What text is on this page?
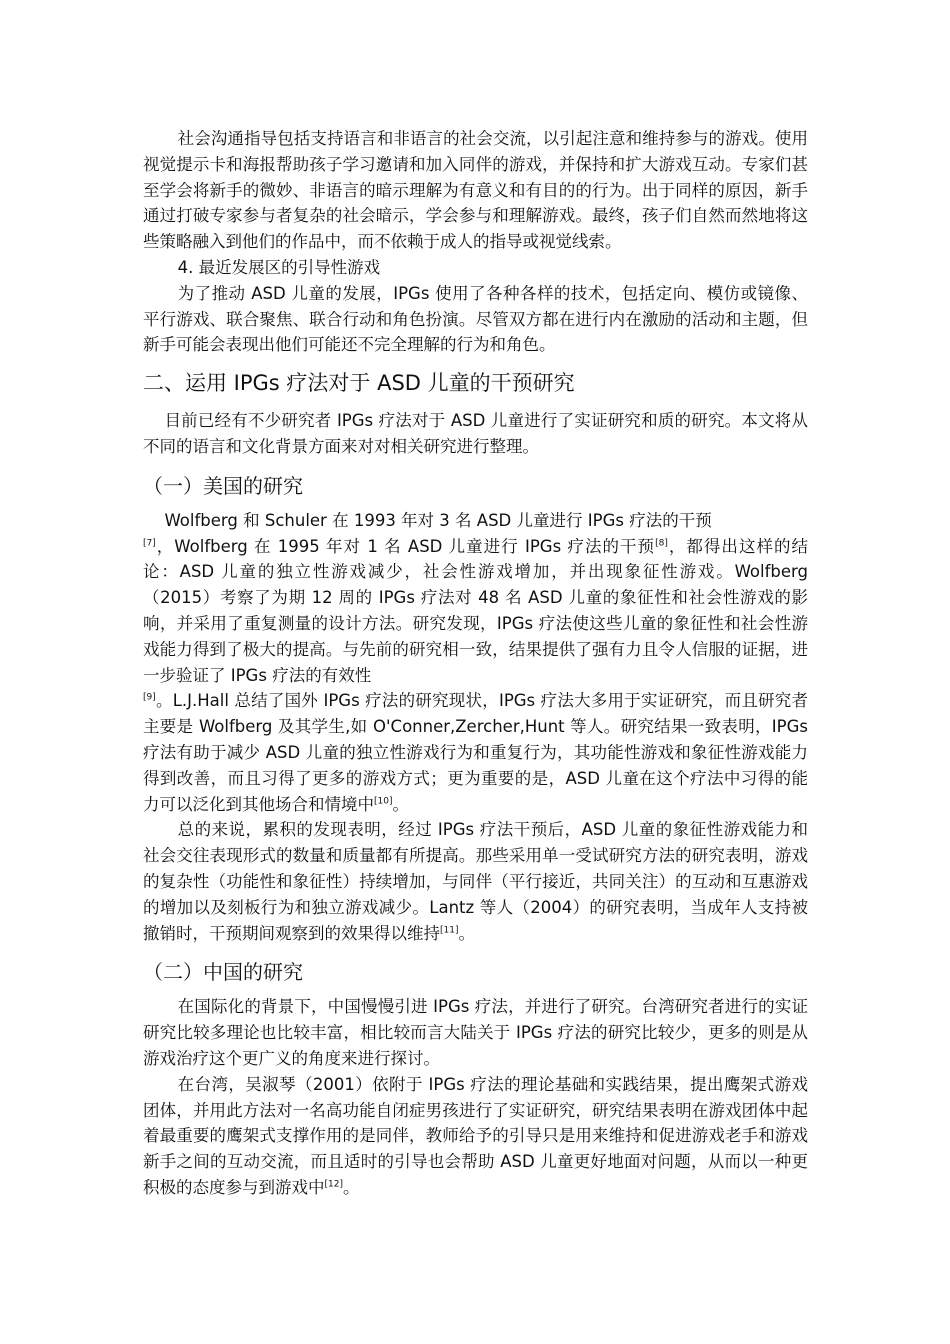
社会沟通指导包括支持语言和非语言的社会交流，以引起注意和维持参与的游戏。使用视觉提示卡和海报帮助孩子学习邀请和加入同伴的游戏，并保持和扩大游戏互动。专家们甚至学会将新手的微妙、非语言的暗示理解为有意义和有目的的行为。出于同样的原因，新手通过打破专家参与者复杂的社会暗示，学会参与和理解游戏。最终，孩子们自然而然地将这些策略融入到他们的作品中，而不依赖于成人的指导或视觉线索。

4. 最近发展区的引导性游戏

为了推动 ASD 儿童的发展，IPGs 使用了各种各样的技术，包括定向、模仿或镜像、平行游戏、联合聚焦、联合行动和角色扮演。尽管双方都在进行内在激励的活动和主题，但新手可能会表现出他们可能还不完全理解的行为和角色。

二、运用 IPGs 疗法对于 ASD 儿童的干预研究

目前已经有不少研究者 IPGs 疗法对于 ASD 儿童进行了实证研究和质的研究。本文将从不同的语言和文化背景方面来对对相关研究进行整理。

（一）美国的研究

Wolfberg 和 Schuler 在 1993 年对 3 名 ASD 儿童进行 IPGs 疗法的干预
[7]，Wolfberg 在 1995 年对 1 名 ASD 儿童进行 IPGs 疗法的干预[8]，都得出这样的结论：ASD 儿童的独立性游戏减少，社会性游戏增加，并出现象征性游戏。Wolfberg（2015）考察了为期 12 周的 IPGs 疗法对 48 名 ASD 儿童的象征性和社会性游戏的影响，并采用了重复测量的设计方法。研究发现，IPGs 疗法使这些儿童的象征性和社会性游戏能力得到了极大的提高。与先前的研究相一致，结果提供了强有力且令人信服的证据，进一步验证了 IPGs 疗法的有效性
[9]。L.J.Hall 总结了国外 IPGs 疗法的研究现状，IPGs 疗法大多用于实证研究，而且研究者主要是 Wolfberg 及其学生,如 O'Conner,Zercher,Hunt 等人。研究结果一致表明，IPGs 疗法有助于减少 ASD 儿童的独立性游戏行为和重复行为，其功能性游戏和象征性游戏能力得到改善，而且习得了更多的游戏方式；更为重要的是，ASD 儿童在这个疗法中习得的能力可以泛化到其他场合和情境中[10]。

总的来说，累积的发现表明，经过 IPGs 疗法干预后，ASD 儿童的象征性游戏能力和社会交往表现形式的数量和质量都有所提高。那些采用单一受试研究方法的研究表明，游戏的复杂性（功能性和象征性）持续增加，与同伴（平行接近，共同关注）的互动和互惠游戏的增加以及刻板行为和独立游戏减少。Lantz 等人（2004）的研究表明，当成年人支持被撤销时，干预期间观察到的效果得以维持[11]。

（二）中国的研究

在国际化的背景下，中国慢慢引进 IPGs 疗法，并进行了研究。台湾研究者进行的实证研究比较多理论也比较丰富，相比较而言大陆关于 IPGs 疗法的研究比较少，更多的则是从游戏治疗这个更广义的角度来进行探讨。

在台湾，吴淑琴（2001）依附于 IPGs 疗法的理论基础和实践结果，提出鹰架式游戏团体，并用此方法对一名高功能自闭症男孩进行了实证研究，研究结果表明在游戏团体中起着最重要的鹰架式支撑作用的是同伴，教师给予的引导只是用来维持和促进游戏老手和游戏新手之间的互动交流，而且适时的引导也会帮助 ASD 儿童更好地面对问题，从而以一种更积极的态度参与到游戏中[12]。
